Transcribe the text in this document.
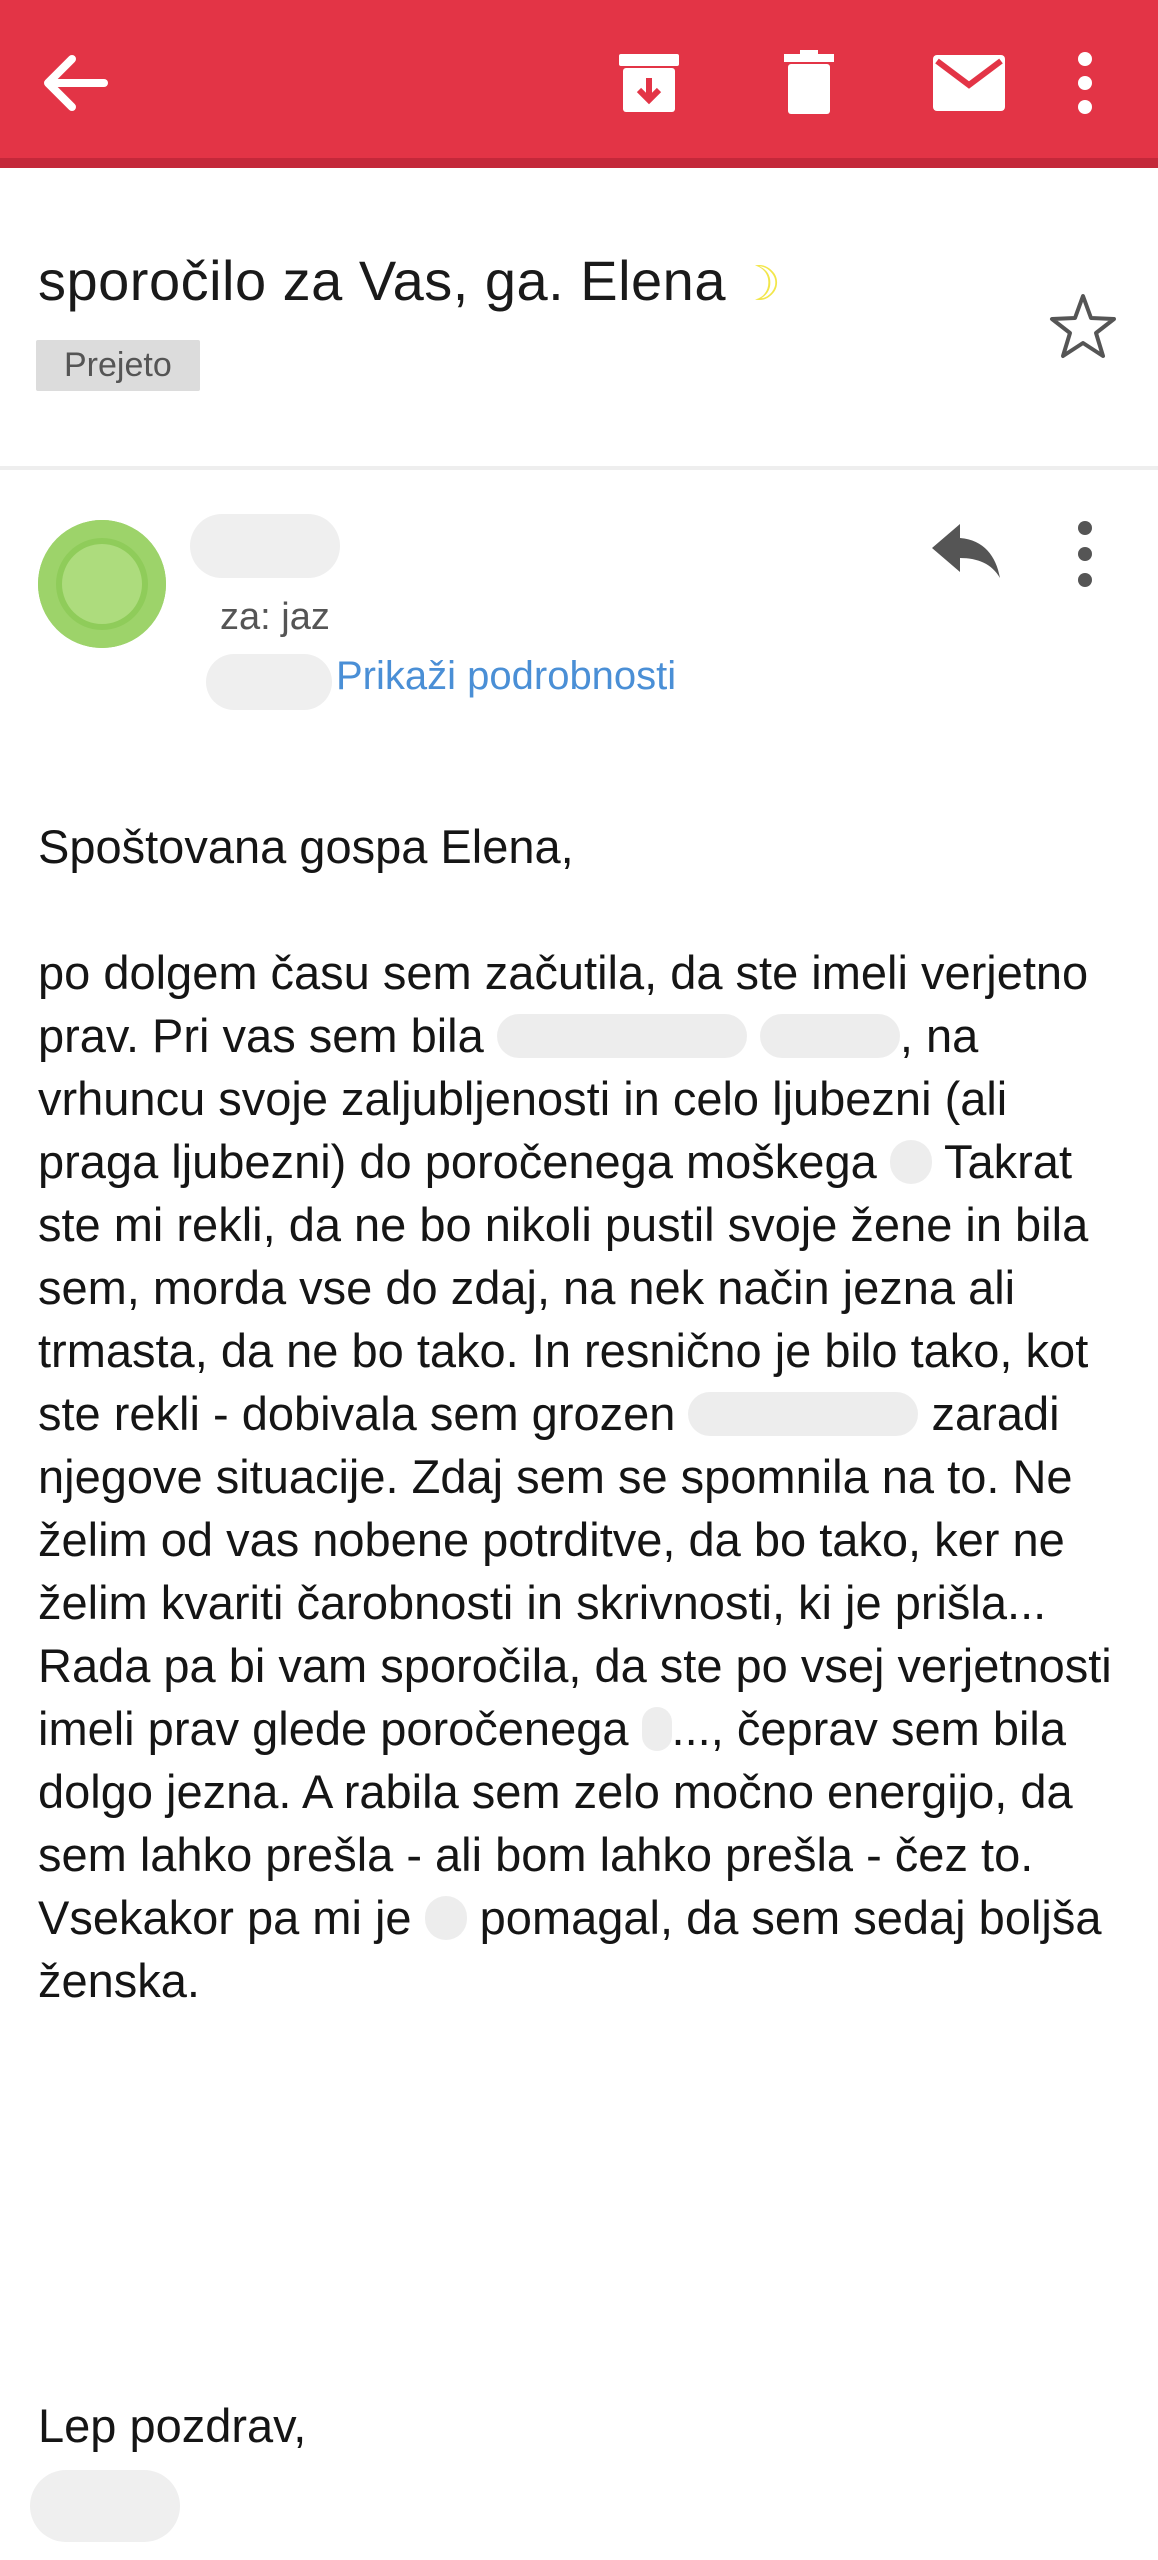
sporočilo za Vas, ga. Elena ☽
Prejeto
za: jaz
Prikaži podrobnosti

Spoštovana gospa Elena,

po dolgem času sem začutila, da ste imeli verjetno prav. Pri vas sem bila	, na vrhuncu svoje zaljubljenosti in celo ljubezni (ali praga ljubezni) do poročenega moškega Takrat ste mi rekli, da ne bo nikoli pustil svoje žene in bila sem, morda vse do zdaj, na nek način jezna ali trmasta, da ne bo tako. In resnično je bilo tako, kot ste rekli - dobivala sem grozen	zaradi njegove situacije. Zdaj sem se spomnila na to. Ne želim od vas nobene potrditve, da bo tako, ker ne želim kvariti čarobnosti in skrivnosti, ki je prišla... Rada pa bi vam sporočila, da ste po vsej verjetnosti imeli prav glede poročenega ..., čeprav sem bila dolgo jezna. A rabila sem zelo močno energijo, da sem lahko prešla - ali bom lahko prešla - čez to. Vsekakor pa mi je pomagal, da sem sedaj boljša ženska.

Lep pozdrav,
